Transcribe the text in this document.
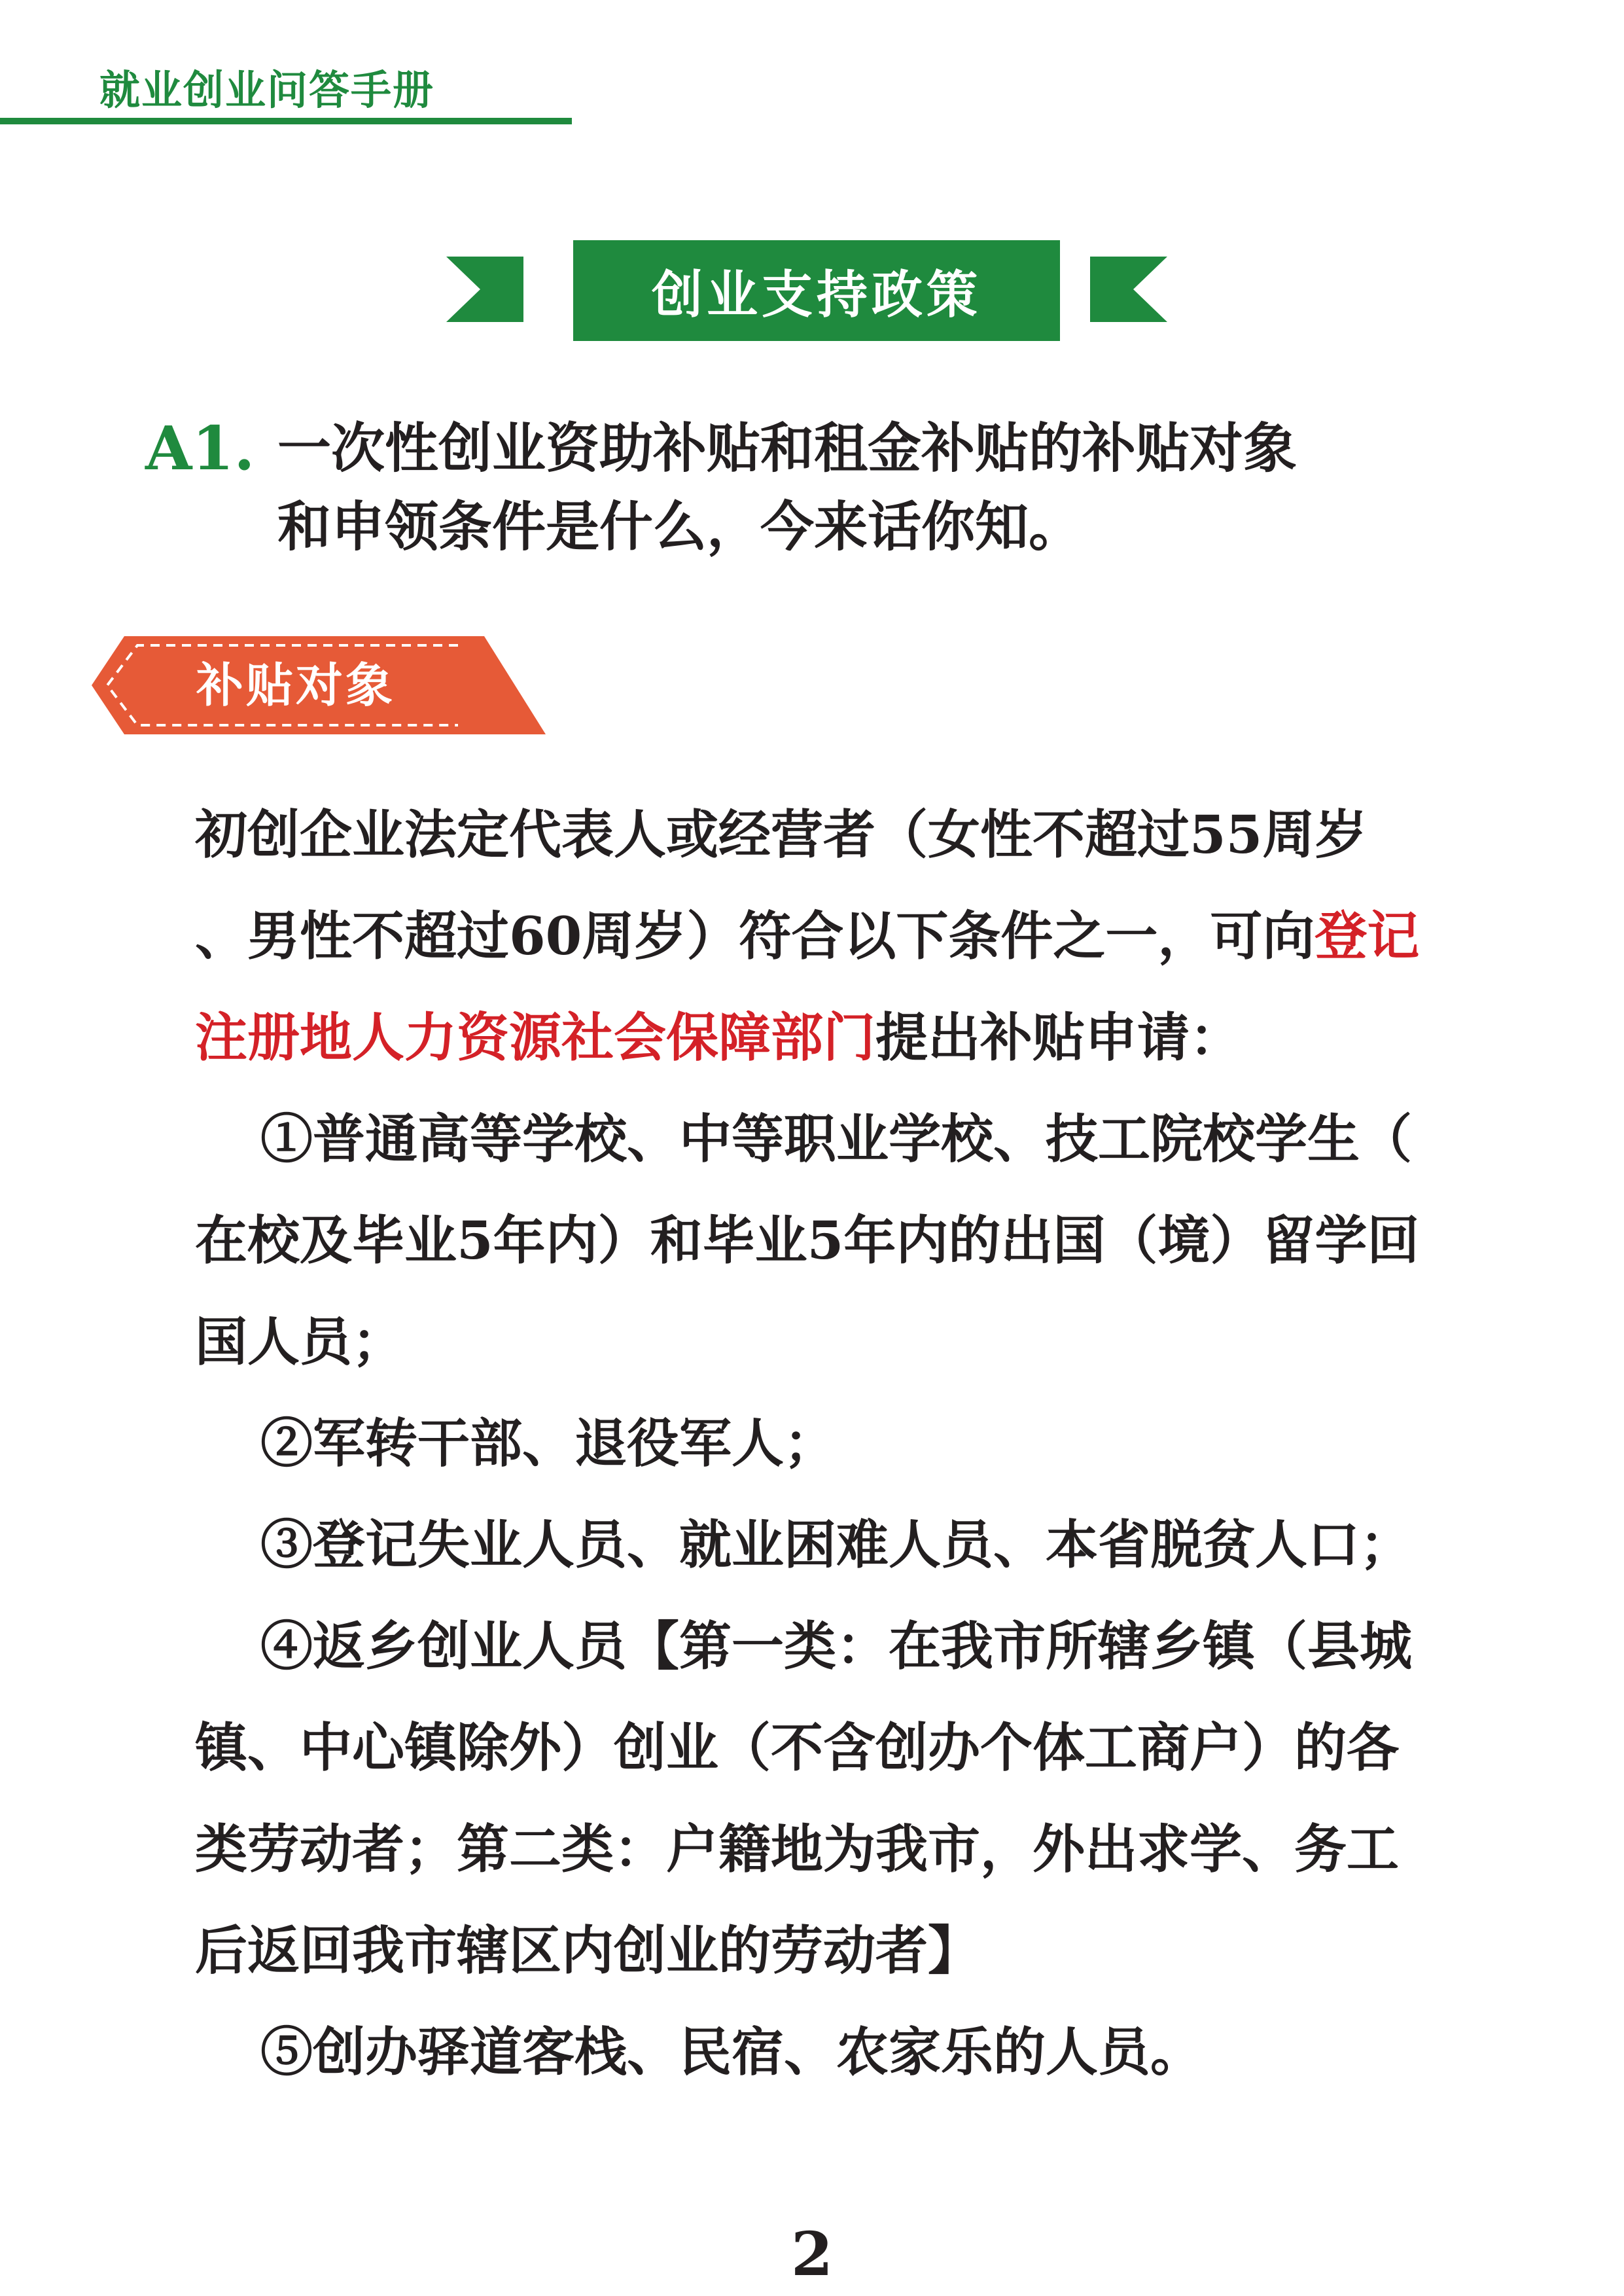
就业创业问答手册
创业支持政策
A1. 一次性创业资助补贴和租金补贴的补贴对象
和申领条件是什么，今来话你知。
补贴对象
初创企业法定代表人或经营者（女性不超过55周岁
、男性不超过60周岁）符合以下条件之一，可向登记
注册地人力资源社会保障部门提出补贴申请：
①普通高等学校、中等职业学校、技工院校学生（
在校及毕业5年内）和毕业5年内的出国（境）留学回
国人员；
②军转干部、退役军人；
③登记失业人员、就业困难人员、本省脱贫人口；
④返乡创业人员【第一类：在我市所辖乡镇（县城
镇、中心镇除外）创业（不含创办个体工商户）的各
类劳动者；第二类：户籍地为我市，外出求学、务工
后返回我市辖区内创业的劳动者】
⑤创办驿道客栈、民宿、农家乐的人员。
2
